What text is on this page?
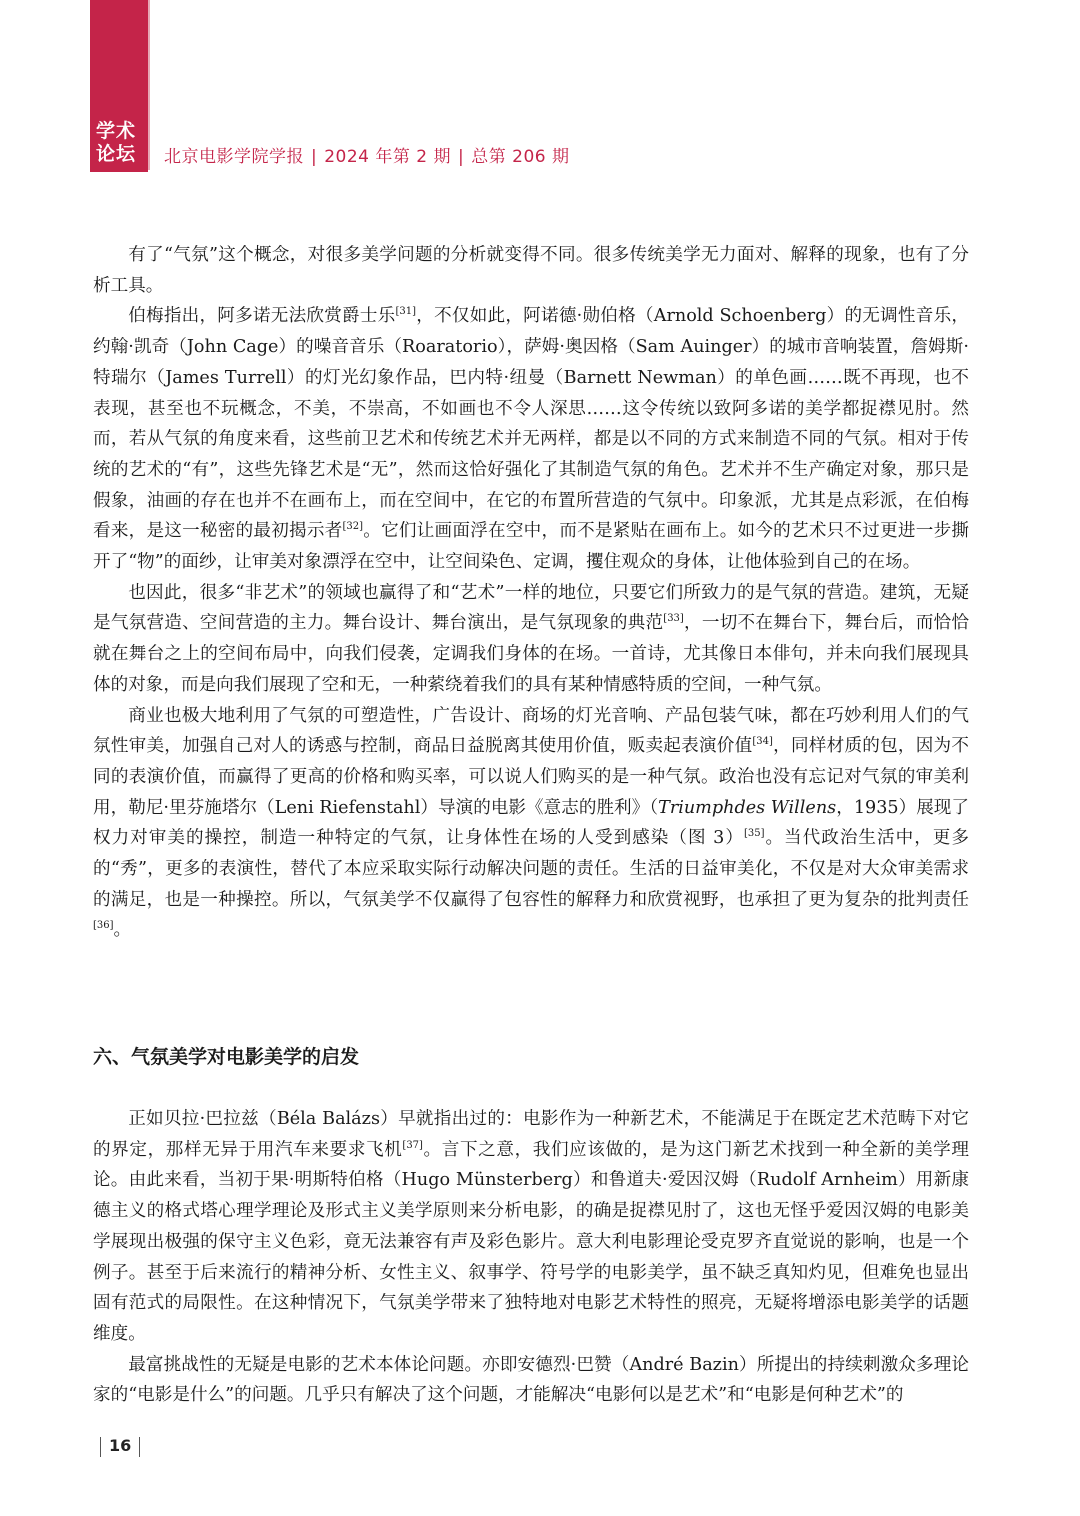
学术
论坛	北京电影学院学报 | 2024 年第 2 期 | 总第 206 期

有了“气氛”这个概念，对很多美学问题的分析就变得不同。很多传统美学无力面对、解释的现象，也有了分析工具。

伯梅指出，阿多诺无法欣赏爵士乐[31]，不仅如此，阿诺德·勋伯格（Arnold Schoenberg）的无调性音乐，约翰·凯奇（John Cage）的噪音音乐（Roaratorio），萨姆·奥因格（Sam Auinger）的城市音响装置，詹姆斯·特瑞尔（James Turrell）的灯光幻象作品，巴内特·纽曼（Barnett Newman）的单色画……既不再现，也不表现，甚至也不玩概念，不美，不崇高，不如画也不令人深思……这令传统以致阿多诺的美学都捉襟见肘。然而，若从气氛的角度来看，这些前卫艺术和传统艺术并无两样，都是以不同的方式来制造不同的气氛。相对于传统的艺术的“有”，这些先锋艺术是“无”，然而这恰好强化了其制造气氛的角色。艺术并不生产确定对象，那只是假象，油画的存在也并不在画布上，而在空间中，在它的布置所营造的气氛中。印象派，尤其是点彩派，在伯梅看来，是这一秘密的最初揭示者[32]。它们让画面浮在空中，而不是紧贴在画布上。如今的艺术只不过更进一步撕开了“物”的面纱，让审美对象漂浮在空中，让空间染色、定调，攫住观众的身体，让他体验到自己的在场。

也因此，很多“非艺术”的领域也赢得了和“艺术”一样的地位，只要它们所致力的是气氛的营造。建筑，无疑是气氛营造、空间营造的主力。舞台设计、舞台演出，是气氛现象的典范[33]，一切不在舞台下，舞台后，而恰恰就在舞台之上的空间布局中，向我们侵袭，定调我们身体的在场。一首诗，尤其像日本俳句，并未向我们展现具体的对象，而是向我们展现了空和无，一种萦绕着我们的具有某种情感特质的空间，一种气氛。

商业也极大地利用了气氛的可塑造性，广告设计、商场的灯光音响、产品包装气味，都在巧妙利用人们的气氛性审美，加强自己对人的诱惑与控制，商品日益脱离其使用价值，贩卖起表演价值[34]，同样材质的包，因为不同的表演价值，而赢得了更高的价格和购买率，可以说人们购买的是一种气氛。政治也没有忘记对气氛的审美利用，勒尼·里芬施塔尔（Leni Riefenstahl）导演的电影《意志的胜利》（Triumphdes Willens，1935）展现了权力对审美的操控，制造一种特定的气氛，让身体性在场的人受到感染（图 3）[35]。当代政治生活中，更多的“秀”，更多的表演性，替代了本应采取实际行动解决问题的责任。生活的日益审美化，不仅是对大众审美需求的满足，也是一种操控。所以，气氛美学不仅赢得了包容性的解释力和欣赏视野，也承担了更为复杂的批判责任[36]。

六、气氛美学对电影美学的启发

正如贝拉·巴拉兹（Béla Balázs）早就指出过的：电影作为一种新艺术，不能满足于在既定艺术范畴下对它的界定，那样无异于用汽车来要求飞机[37]。言下之意，我们应该做的，是为这门新艺术找到一种全新的美学理论。由此来看，当初于果·明斯特伯格（Hugo Münsterberg）和鲁道夫·爱因汉姆（Rudolf Arnheim）用新康德主义的格式塔心理学理论及形式主义美学原则来分析电影，的确是捉襟见肘了，这也无怪乎爱因汉姆的电影美学展现出极强的保守主义色彩，竟无法兼容有声及彩色影片。意大利电影理论受克罗齐直觉说的影响，也是一个例子。甚至于后来流行的精神分析、女性主义、叙事学、符号学的电影美学，虽不缺乏真知灼见，但难免也显出固有范式的局限性。在这种情况下，气氛美学带来了独特地对电影艺术特性的照亮，无疑将增添电影美学的话题维度。

最富挑战性的无疑是电影的艺术本体论问题。亦即安德烈·巴赞（André Bazin）所提出的持续刺激众多理论家的“电影是什么”的问题。几乎只有解决了这个问题，才能解决“电影何以是艺术”和“电影是何种艺术”的

16
